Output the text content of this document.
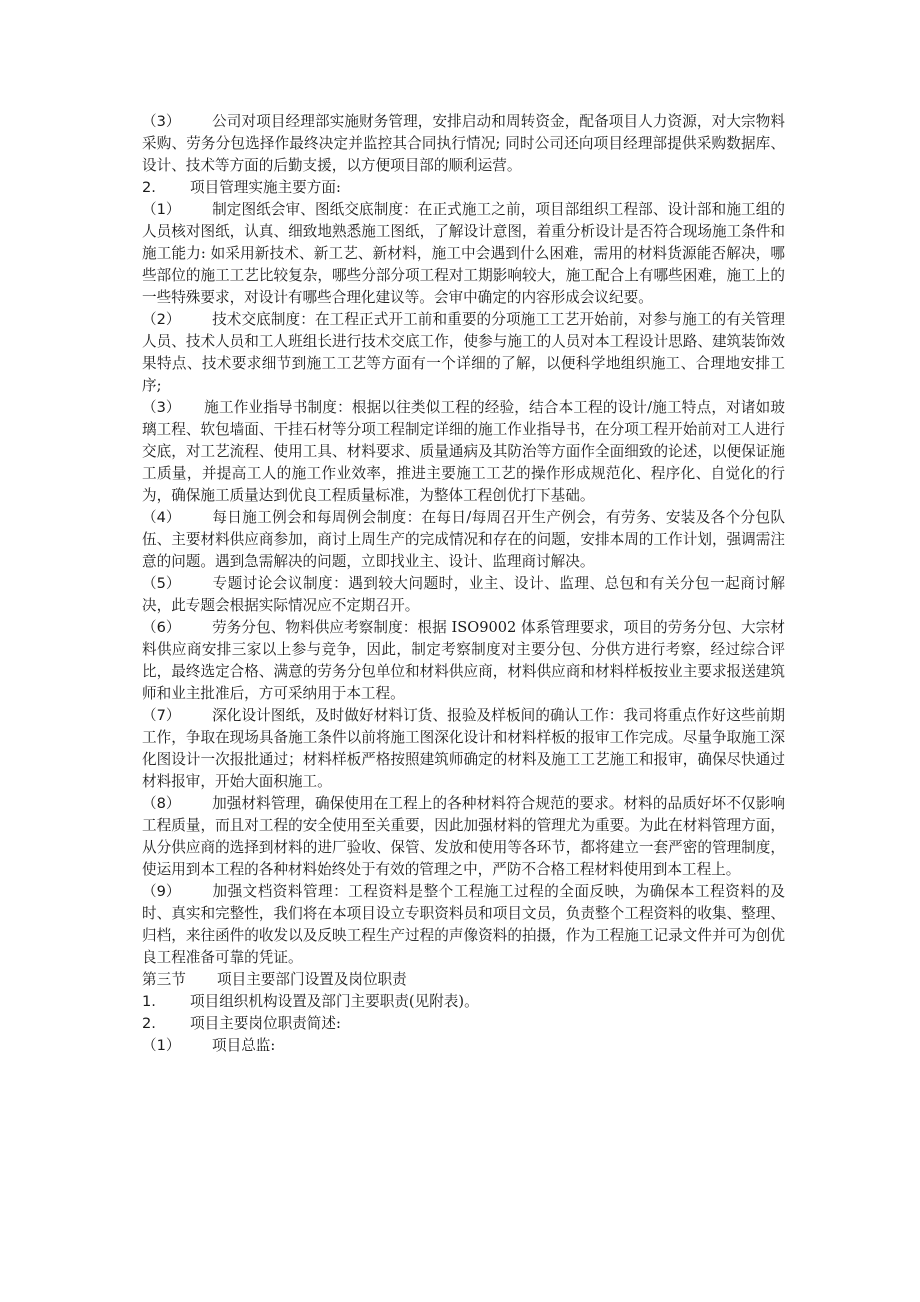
（3） 公司对项目经理部实施财务管理，安排启动和周转资金，配备项目人力资源，对大宗物料采购、劳务分包选择作最终决定并监控其合同执行情况; 同时公司还向项目经理部提供采购数据库、设计、技术等方面的后勤支援，以方便项目部的顺利运营。

2. 项目管理实施主要方面:

（1） 制定图纸会审、图纸交底制度：在正式施工之前，项目部组织工程部、设计部和施工组的人员核对图纸，认真、细致地熟悉施工图纸，了解设计意图，着重分析设计是否符合现场施工条件和施工能力: 如采用新技术、新工艺、新材料，施工中会遇到什么困难，需用的材料货源能否解决，哪些部位的施工工艺比较复杂，哪些分部分项工程对工期影响较大，施工配合上有哪些困难，施工上的一些特殊要求，对设计有哪些合理化建议等。会审中确定的内容形成会议纪要。

（2） 技术交底制度：在工程正式开工前和重要的分项施工工艺开始前，对参与施工的有关管理人员、技术人员和工人班组长进行技术交底工作，使参与施工的人员对本工程设计思路、建筑装饰效果特点、技术要求细节到施工工艺等方面有一个详细的了解，以便科学地组织施工、合理地安排工序;

（3） 施工作业指导书制度：根据以往类似工程的经验，结合本工程的设计/施工特点，对诸如玻璃工程、软包墙面、干挂石材等分项工程制定详细的施工作业指导书，在分项工程开始前对工人进行交底，对工艺流程、使用工具、材料要求、质量通病及其防治等方面作全面细致的论述，以便保证施工质量，并提高工人的施工作业效率，推进主要施工工艺的操作形成规范化、程序化、自觉化的行为，确保施工质量达到优良工程质量标准，为整体工程创优打下基础。

（4） 每日施工例会和每周例会制度：在每日/每周召开生产例会，有劳务、安装及各个分包队伍、主要材料供应商参加，商讨上周生产的完成情况和存在的问题，安排本周的工作计划，强调需注意的问题。遇到急需解决的问题，立即找业主、设计、监理商讨解决。

（5） 专题讨论会议制度：遇到较大问题时，业主、设计、监理、总包和有关分包一起商讨解决，此专题会根据实际情况应不定期召开。

（6） 劳务分包、物料供应考察制度：根据 ISO9002 体系管理要求，项目的劳务分包、大宗材料供应商安排三家以上参与竞争，因此，制定考察制度对主要分包、分供方进行考察，经过综合评比，最终选定合格、满意的劳务分包单位和材料供应商，材料供应商和材料样板按业主要求报送建筑师和业主批准后，方可采纳用于本工程。

（7） 深化设计图纸，及时做好材料订货、报验及样板间的确认工作：我司将重点作好这些前期工作，争取在现场具备施工条件以前将施工图深化设计和材料样板的报审工作完成。尽量争取施工深化图设计一次报批通过；材料样板严格按照建筑师确定的材料及施工工艺施工和报审，确保尽快通过材料报审，开始大面积施工。

（8） 加强材料管理，确保使用在工程上的各种材料符合规范的要求。材料的品质好坏不仅影响工程质量，而且对工程的安全使用至关重要，因此加强材料的管理尤为重要。为此在材料管理方面，从分供应商的选择到材料的进厂验收、保管、发放和使用等各环节，都将建立一套严密的管理制度，使运用到本工程的各种材料始终处于有效的管理之中，严防不合格工程材料使用到本工程上。

（9） 加强文档资料管理：工程资料是整个工程施工过程的全面反映，为确保本工程资料的及时、真实和完整性，我们将在本项目设立专职资料员和项目文员，负责整个工程资料的收集、整理、归档，来往函件的收发以及反映工程生产过程的声像资料的拍摄，作为工程施工记录文件并可为创优良工程准备可靠的凭证。

第三节 项目主要部门设置及岗位职责

1. 项目组织机构设置及部门主要职责(见附表)。

2. 项目主要岗位职责简述:

（1） 项目总监:
